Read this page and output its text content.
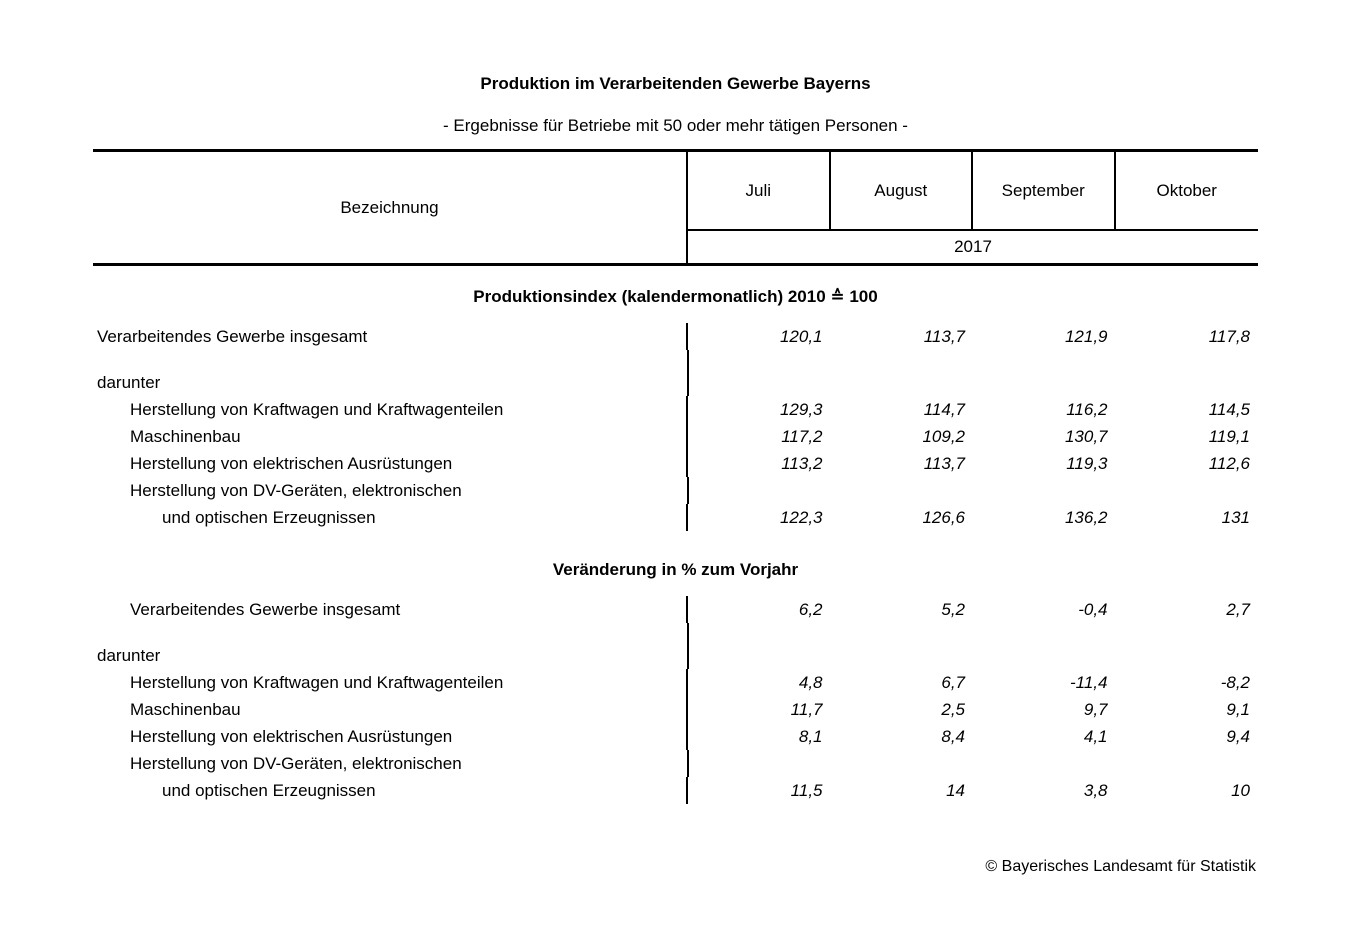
Produktion im Verarbeitenden Gewerbe Bayerns
- Ergebnisse für Betriebe mit 50 oder mehr tätigen Personen -
Bezeichnung
Juli	August	September	Oktober
2017
Produktionsindex (kalendermonatlich) 2010 ≙ 100
Verarbeitendes Gewerbe insgesamt	120,1	113,7	121,9	117,8
darunter
Herstellung von Kraftwagen und Kraftwagenteilen	129,3	114,7	116,2	114,5
Maschinenbau	117,2	109,2	130,7	119,1
Herstellung von elektrischen Ausrüstungen	113,2	113,7	119,3	112,6
Herstellung von DV-Geräten, elektronischen
und optischen Erzeugnissen	122,3	126,6	136,2	131
Veränderung in % zum Vorjahr
Verarbeitendes Gewerbe insgesamt	6,2	5,2	-0,4	2,7
darunter
Herstellung von Kraftwagen und Kraftwagenteilen	4,8	6,7	-11,4	-8,2
Maschinenbau	11,7	2,5	9,7	9,1
Herstellung von elektrischen Ausrüstungen	8,1	8,4	4,1	9,4
Herstellung von DV-Geräten, elektronischen
und optischen Erzeugnissen	11,5	14	3,8	10
© Bayerisches Landesamt für Statistik
